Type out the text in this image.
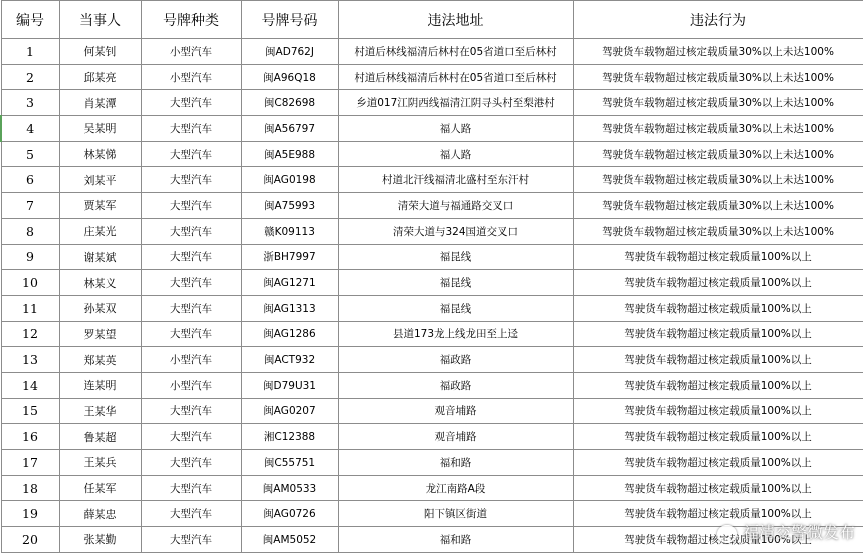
编号	当事人	号牌种类	号牌号码	违法地址	违法行为
1	何某钊	小型汽车	闽AD762J	村道后林线福清后林村在05省道口至后林村	驾驶货车载物超过核定载质量30%以上未达100%
2	邱某亮	小型汽车	闽A96Q18	村道后林线福清后林村在05省道口至后林村	驾驶货车载物超过核定载质量30%以上未达100%
3	肖某潭	大型汽车	闽C82698	乡道017江阴西线福清江阴寻头村至梨港村	驾驶货车载物超过核定载质量30%以上未达100%
4	吴某明	大型汽车	闽A56797	福人路	驾驶货车载物超过核定载质量30%以上未达100%
5	林某悌	大型汽车	闽A5E988	福人路	驾驶货车载物超过核定载质量30%以上未达100%
6	刘某平	大型汽车	闽AG0198	村道北汗线福清北盛村至东汗村	驾驶货车载物超过核定载质量30%以上未达100%
7	贾某军	大型汽车	闽A75993	清荣大道与福通路交叉口	驾驶货车载物超过核定载质量30%以上未达100%
8	庄某光	大型汽车	赣K09113	清荣大道与324国道交叉口	驾驶货车载物超过核定载质量30%以上未达100%
9	谢某斌	大型汽车	浙BH7997	福昆线	驾驶货车载物超过核定载质量100%以上
10	林某义	大型汽车	闽AG1271	福昆线	驾驶货车载物超过核定载质量100%以上
11	孙某双	大型汽车	闽AG1313	福昆线	驾驶货车载物超过核定载质量100%以上
12	罗某望	大型汽车	闽AG1286	县道173龙上线龙田至上迳	驾驶货车载物超过核定载质量100%以上
13	郑某英	小型汽车	闽ACT932	福政路	驾驶货车载物超过核定载质量100%以上
14	连某明	小型汽车	闽D79U31	福政路	驾驶货车载物超过核定载质量100%以上
15	王某华	大型汽车	闽AG0207	观音埔路	驾驶货车载物超过核定载质量100%以上
16	鲁某超	大型汽车	湘C12388	观音埔路	驾驶货车载物超过核定载质量100%以上
17	王某兵	大型汽车	闽C55751	福和路	驾驶货车载物超过核定载质量100%以上
18	任某军	大型汽车	闽AM0533	龙江南路A段	驾驶货车载物超过核定载质量100%以上
19	薛某忠	大型汽车	闽AG0726	阳下镇区街道	驾驶货车载物超过核定载质量100%以上
20	张某勤	大型汽车	闽AM5052	福和路	驾驶货车载物超过核定载质量100%以上
福清交警微发布
